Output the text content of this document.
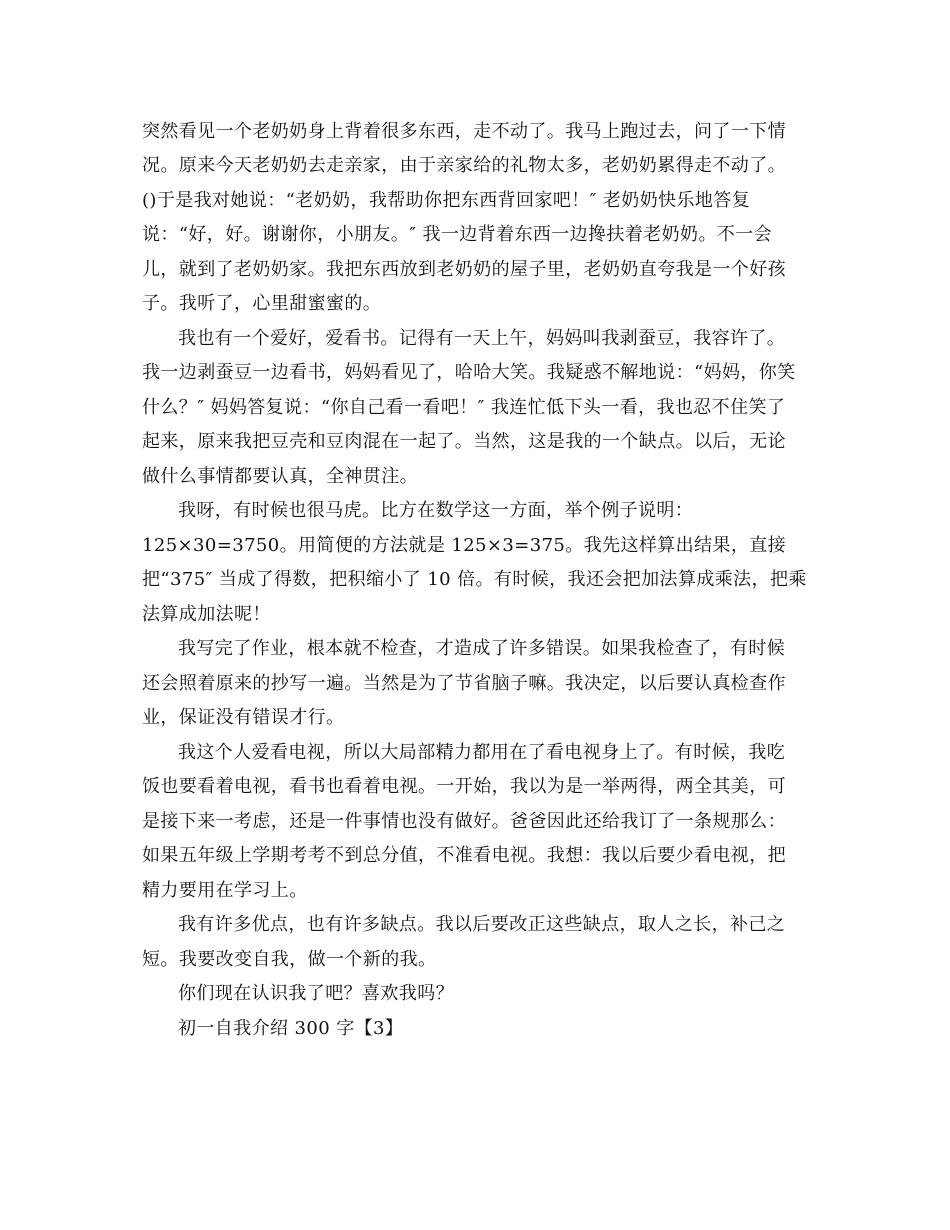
突然看见一个老奶奶身上背着很多东西，走不动了。我马上跑过去，问了一下情
况。原来今天老奶奶去走亲家，由于亲家给的礼物太多，老奶奶累得走不动了。
()于是我对她说：“老奶奶，我帮助你把东西背回家吧！″ 老奶奶快乐地答复
说：“好，好。谢谢你，小朋友。″ 我一边背着东西一边搀扶着老奶奶。不一会
儿，就到了老奶奶家。我把东西放到老奶奶的屋子里，老奶奶直夸我是一个好孩
子。我听了，心里甜蜜蜜的。
我也有一个爱好，爱看书。记得有一天上午，妈妈叫我剥蚕豆，我容许了。
我一边剥蚕豆一边看书，妈妈看见了，哈哈大笑。我疑惑不解地说：“妈妈，你笑
什么？″ 妈妈答复说：“你自己看一看吧！″ 我连忙低下头一看，我也忍不住笑了
起来，原来我把豆壳和豆肉混在一起了。当然，这是我的一个缺点。以后，无论
做什么事情都要认真，全神贯注。
我呀，有时候也很马虎。比方在数学这一方面，举个例子说明：
125×30=3750。用简便的方法就是 125×3=375。我先这样算出结果，直接
把“375″ 当成了得数，把积缩小了 10 倍。有时候，我还会把加法算成乘法，把乘
法算成加法呢！
我写完了作业，根本就不检查，才造成了许多错误。如果我检查了，有时候
还会照着原来的抄写一遍。当然是为了节省脑子嘛。我决定，以后要认真检查作
业，保证没有错误才行。
我这个人爱看电视，所以大局部精力都用在了看电视身上了。有时候，我吃
饭也要看着电视，看书也看着电视。一开始，我以为是一举两得，两全其美，可
是接下来一考虑，还是一件事情也没有做好。爸爸因此还给我订了一条规那么：
如果五年级上学期考考不到总分值，不准看电视。我想：我以后要少看电视，把
精力要用在学习上。
我有许多优点，也有许多缺点。我以后要改正这些缺点，取人之长，补己之
短。我要改变自我，做一个新的我。
你们现在认识我了吧？喜欢我吗？
初一自我介绍 300 字【3】
